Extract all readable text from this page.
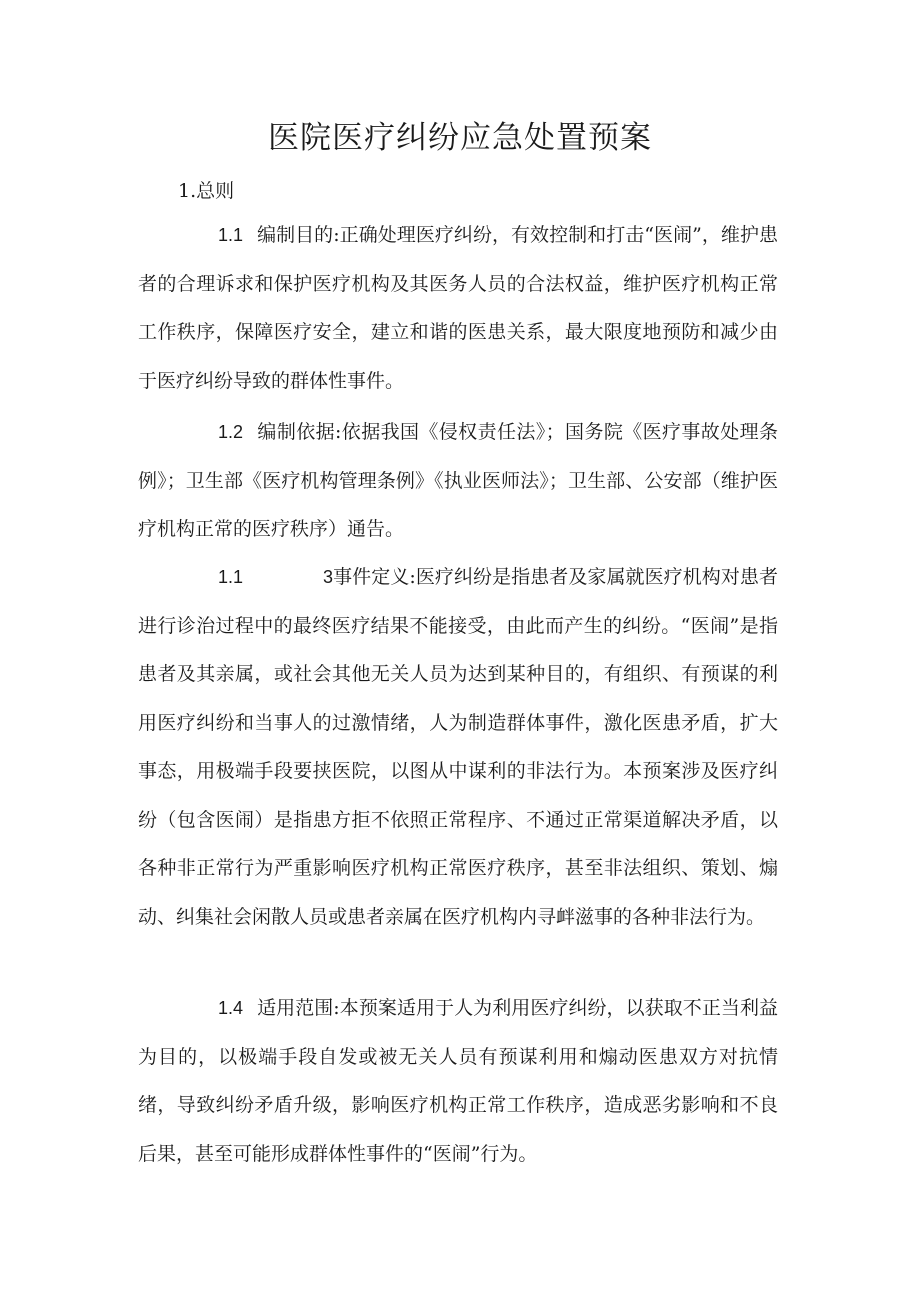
医院医疗纠纷应急处置预案
1.总则

1.1 编制目的:正确处理医疗纠纷，有效控制和打击“医闹”，维护患者的合理诉求和保护医疗机构及其医务人员的合法权益，维护医疗机构正常工作秩序，保障医疗安全，建立和谐的医患关系，最大限度地预防和减少由于医疗纠纷导致的群体性事件。

1.2 编制依据:依据我国《侵权责任法》；国务院《医疗事故处理条例》；卫生部《医疗机构管理条例》《执业医师法》；卫生部、公安部（维护医疗机构正常的医疗秩序）通告。

1.1	3事件定义:医疗纠纷是指患者及家属就医疗机构对患者进行诊治过程中的最终医疗结果不能接受，由此而产生的纠纷。“医闹”是指患者及其亲属，或社会其他无关人员为达到某种目的，有组织、有预谋的利用医疗纠纷和当事人的过激情绪，人为制造群体事件，激化医患矛盾，扩大事态，用极端手段要挟医院，以图从中谋利的非法行为。本预案涉及医疗纠纷（包含医闹）是指患方拒不依照正常程序、不通过正常渠道解决矛盾，以各种非正常行为严重影响医疗机构正常医疗秩序，甚至非法组织、策划、煽动、纠集社会闲散人员或患者亲属在医疗机构内寻衅滋事的各种非法行为。

1.4 适用范围:本预案适用于人为利用医疗纠纷，以获取不正当利益为目的，以极端手段自发或被无关人员有预谋利用和煽动医患双方对抗情绪，导致纠纷矛盾升级，影响医疗机构正常工作秩序，造成恶劣影响和不良后果，甚至可能形成群体性事件的“医闹”行为。
